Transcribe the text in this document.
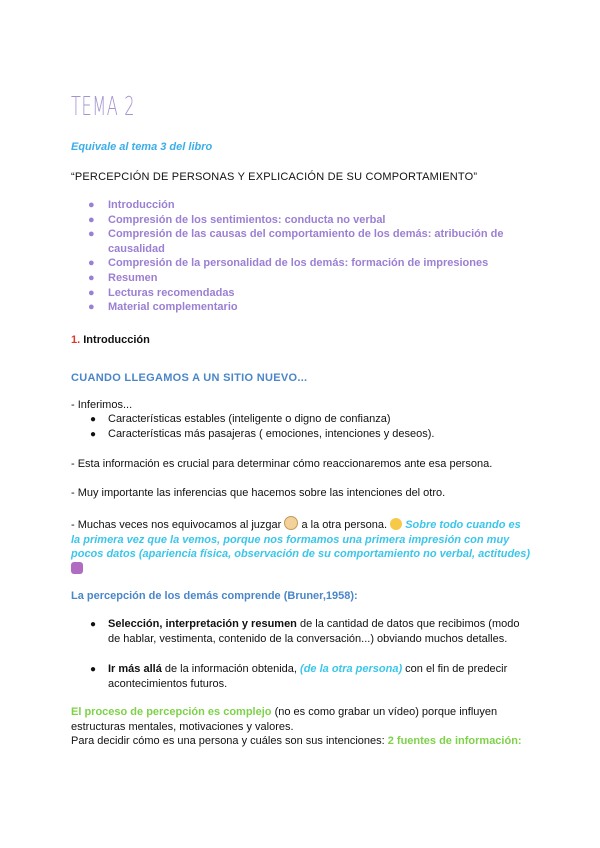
TEMA 2
Equivale al tema 3 del libro
“PERCEPCIÓN DE PERSONAS Y EXPLICACIÓN DE SU COMPORTAMIENTO”
● Introducción
● Compresión de los sentimientos: conducta no verbal
● Compresión de las causas del comportamiento de los demás: atribución de causalidad
● Compresión de la personalidad de los demás: formación de impresiones
● Resumen
● Lecturas recomendadas
● Material complementario
1. Introducción
CUANDO LLEGAMOS A UN SITIO NUEVO...
- Inferimos...
● Características estables (inteligente o digno de confianza)
● Características más pasajeras ( emociones, intenciones y deseos).
- Esta información es crucial para determinar cómo reaccionaremos ante esa persona.
- Muy importante las inferencias que hacemos sobre las intenciones del otro.
- Muchas veces nos equivocamos al juzgar a la otra persona. Sobre todo cuando es la primera vez que la vemos, porque nos formamos una primera impresión con muy pocos datos (apariencia física, observación de su comportamiento no verbal, actitudes)
La percepción de los demás comprende (Bruner,1958):
● Selección, interpretación y resumen de la cantidad de datos que recibimos (modo de hablar, vestimenta, contenido de la conversación...) obviando muchos detalles.
● Ir más allá de la información obtenida, (de la otra persona) con el fin de predecir acontecimientos futuros.
El proceso de percepción es complejo (no es como grabar un vídeo) porque influyen estructuras mentales, motivaciones y valores.
Para decidir cómo es una persona y cuáles son sus intenciones: 2 fuentes de información:
